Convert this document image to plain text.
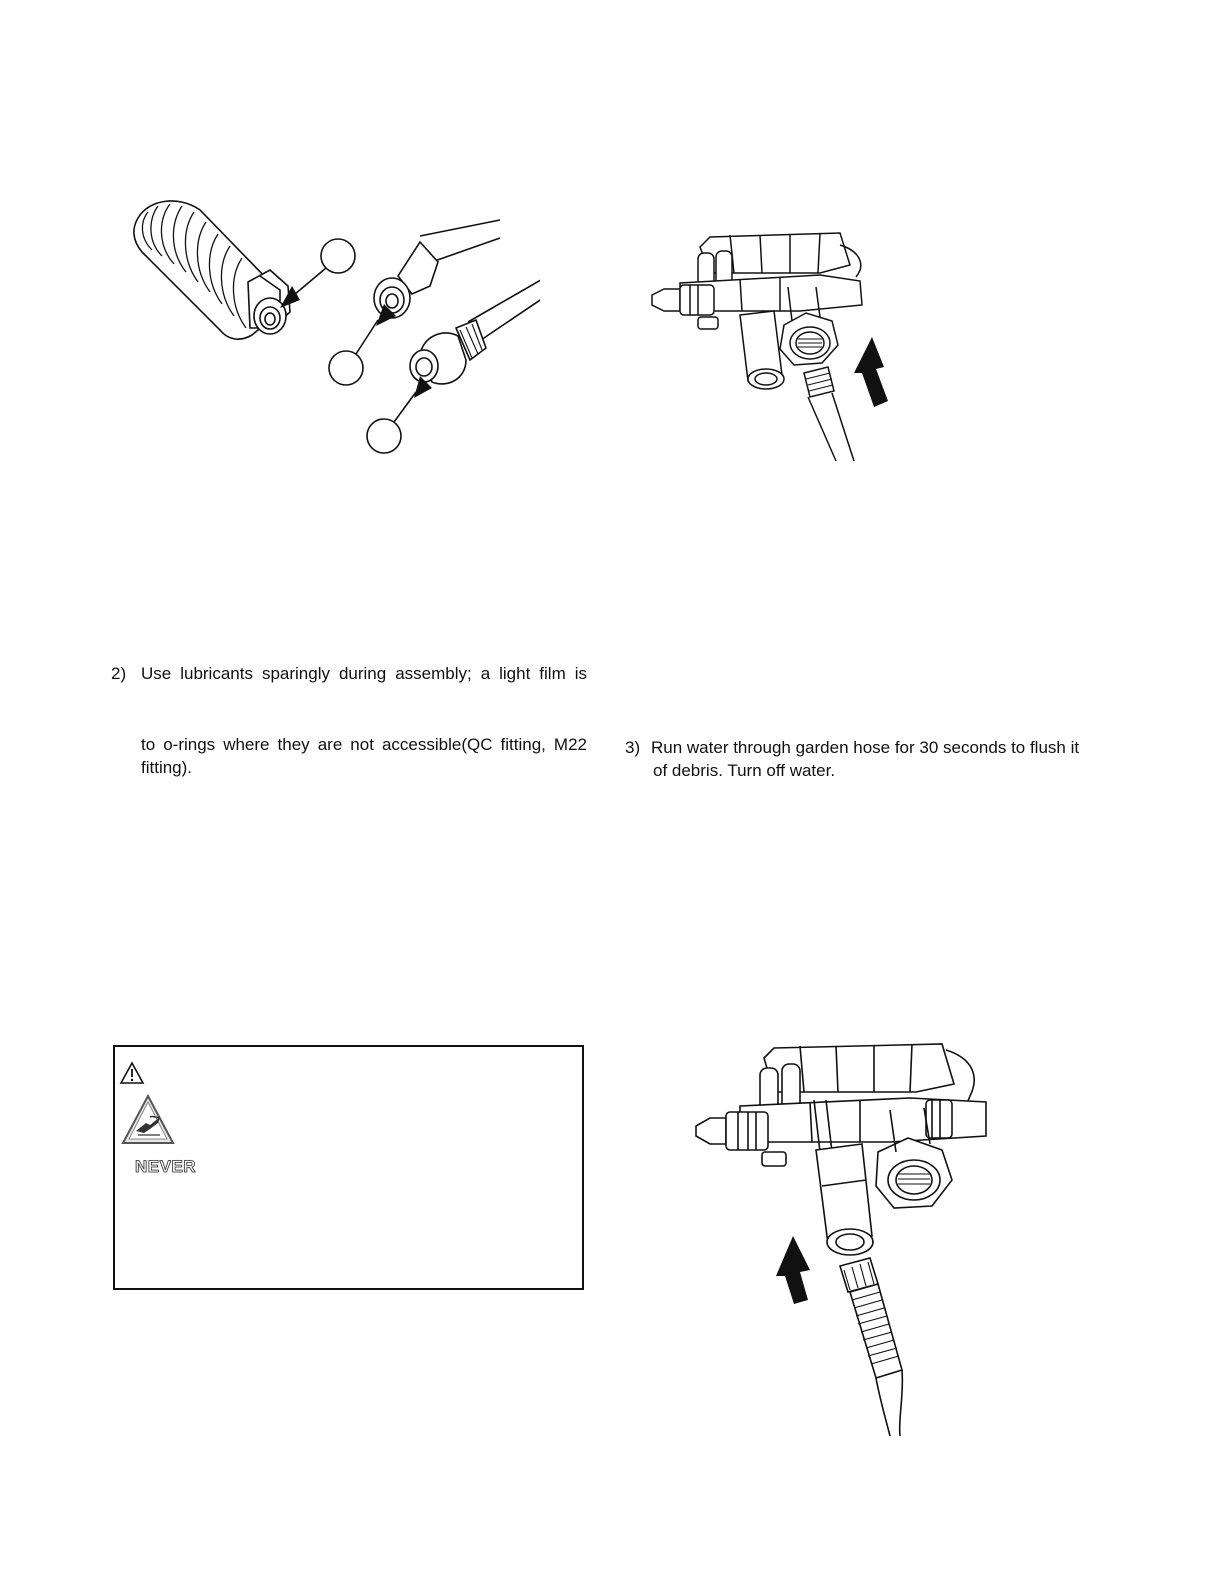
2) Use lubricants sparingly during assembly; a light film is

to o-rings where they are not accessible(QC fitting, M22

fitting).

3) Run water through garden hose for 30 seconds to flush it

of debris. Turn off water.

NEVER
